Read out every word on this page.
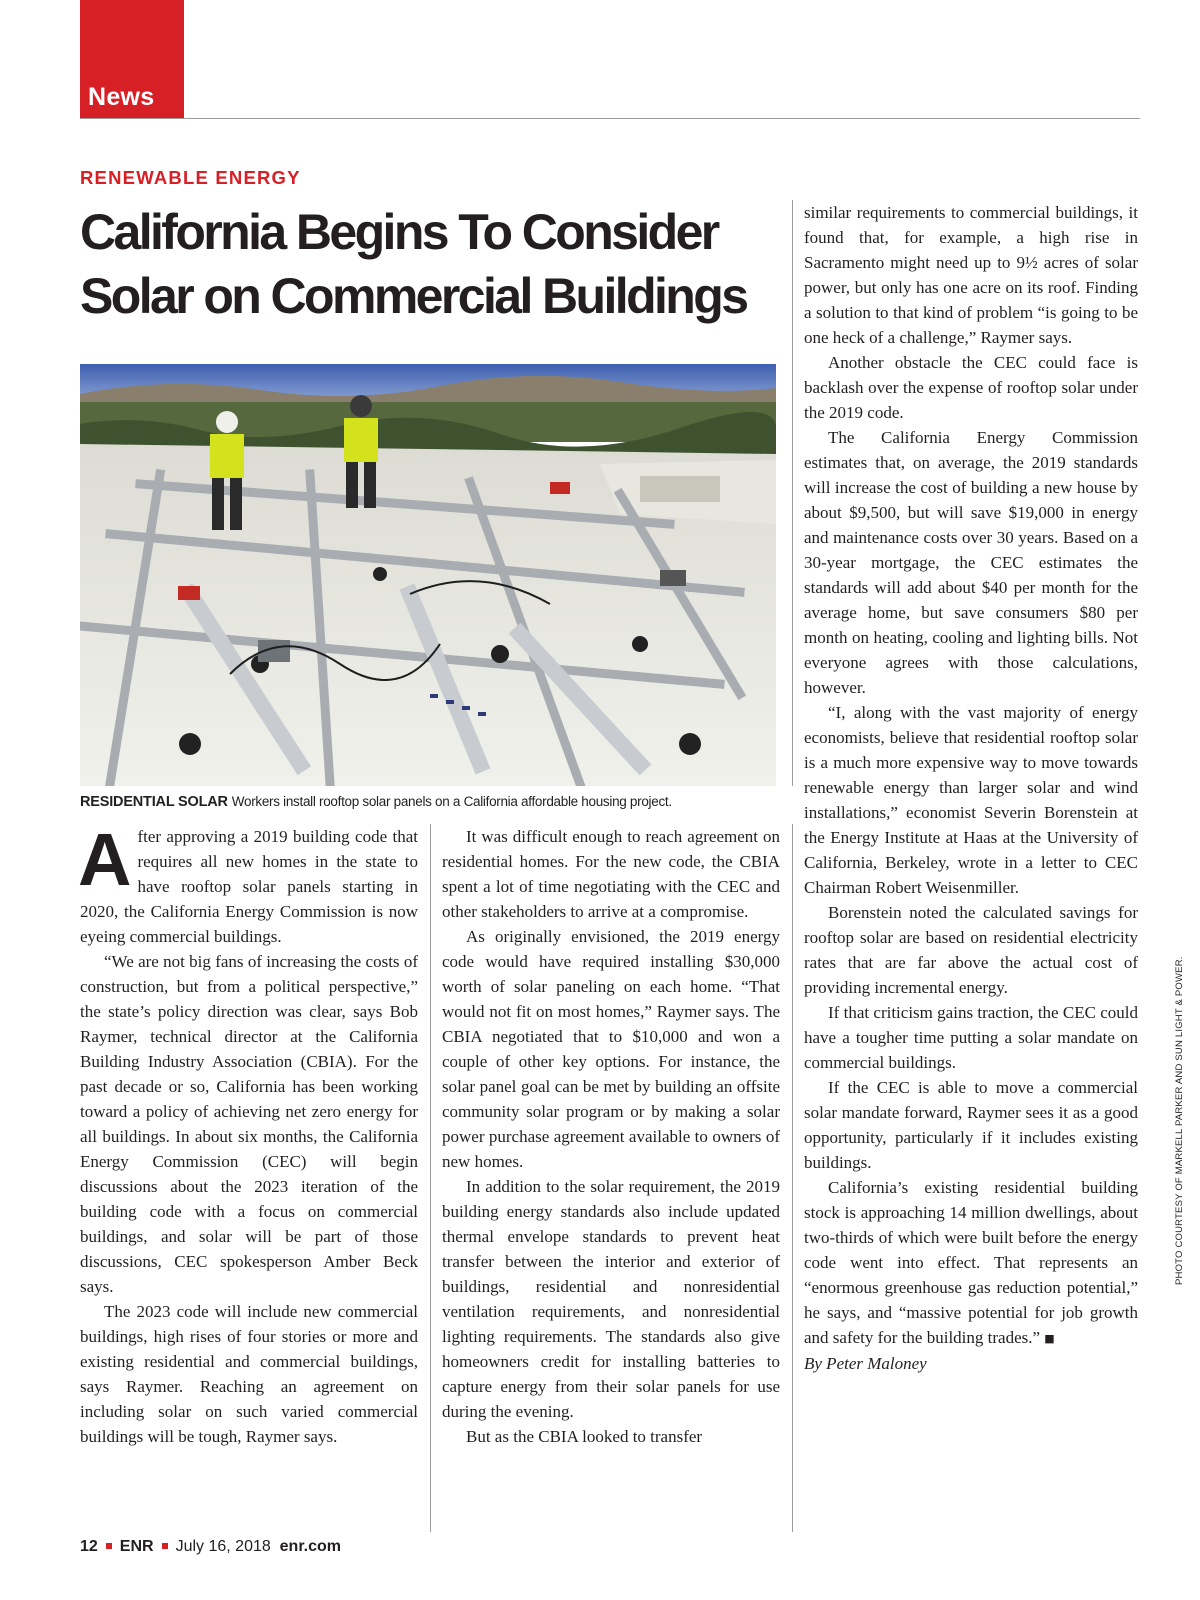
News
RENEWABLE ENERGY
California Begins To Consider
Solar on Commercial Buildings
RESIDENTIAL SOLAR Workers install rooftop solar panels on a California affordable housing project.

After approving a 2019 building code that requires all new homes in the state to have rooftop solar panels starting in 2020, the California Energy Commission is now eyeing commercial buildings.

“We are not big fans of increasing the costs of construction, but from a political perspective,” the state’s policy direction was clear, says Bob Raymer, technical director at the California Building Industry Association (CBIA). For the past decade or so, California has been working toward a policy of achieving net zero energy for all buildings. In about six months, the California Energy Commission (CEC) will begin discussions about the 2023 iteration of the building code with a focus on commercial buildings, and solar will be part of those discussions, CEC spokesperson Amber Beck says.

The 2023 code will include new commercial buildings, high rises of four stories or more and existing residential and commercial buildings, says Raymer. Reaching an agreement on including solar on such varied commercial buildings will be tough, Raymer says.

It was difficult enough to reach agreement on residential homes. For the new code, the CBIA spent a lot of time negotiating with the CEC and other stakeholders to arrive at a compromise.

As originally envisioned, the 2019 energy code would have required installing $30,000 worth of solar paneling on each home. “That would not fit on most homes,” Raymer says. The CBIA negotiated that to $10,000 and won a couple of other key options. For instance, the solar panel goal can be met by building an offsite community solar program or by making a solar power purchase agreement available to owners of new homes.

In addition to the solar requirement, the 2019 building energy standards also include updated thermal envelope standards to prevent heat transfer between the interior and exterior of buildings, residential and nonresidential ventilation requirements, and nonresidential lighting requirements. The standards also give homeowners credit for installing batteries to capture energy from their solar panels for use during the evening.

But as the CBIA looked to transfer

similar requirements to commercial buildings, it found that, for example, a high rise in Sacramento might need up to 9½ acres of solar power, but only has one acre on its roof. Finding a solution to that kind of problem “is going to be one heck of a challenge,” Raymer says.

Another obstacle the CEC could face is backlash over the expense of rooftop solar under the 2019 code.

The California Energy Commission estimates that, on average, the 2019 standards will increase the cost of building a new house by about $9,500, but will save $19,000 in energy and maintenance costs over 30 years. Based on a 30-year mortgage, the CEC estimates the standards will add about $40 per month for the average home, but save consumers $80 per month on heating, cooling and lighting bills. Not everyone agrees with those calculations, however.

“I, along with the vast majority of energy economists, believe that residential rooftop solar is a much more expensive way to move towards renewable energy than larger solar and wind installations,” economist Severin Borenstein at the Energy Institute at Haas at the University of California, Berkeley, wrote in a letter to CEC Chairman Robert Weisenmiller.

Borenstein noted the calculated savings for rooftop solar are based on residential electricity rates that are far above the actual cost of providing incremental energy.

If that criticism gains traction, the CEC could have a tougher time putting a solar mandate on commercial buildings.

If the CEC is able to move a commercial solar mandate forward, Raymer sees it as a good opportunity, particularly if it includes existing buildings.

California’s existing residential building stock is approaching 14 million dwellings, about two-thirds of which were built before the energy code went into effect. That represents an “enormous greenhouse gas reduction potential,” he says, and “massive potential for job growth and safety for the building trades.” ■

By Peter Maloney

PHOTO COURTESY OF MARKELL PARKER AND SUN LIGHT & POWER.
12 ENR July 16, 2018 enr.com
